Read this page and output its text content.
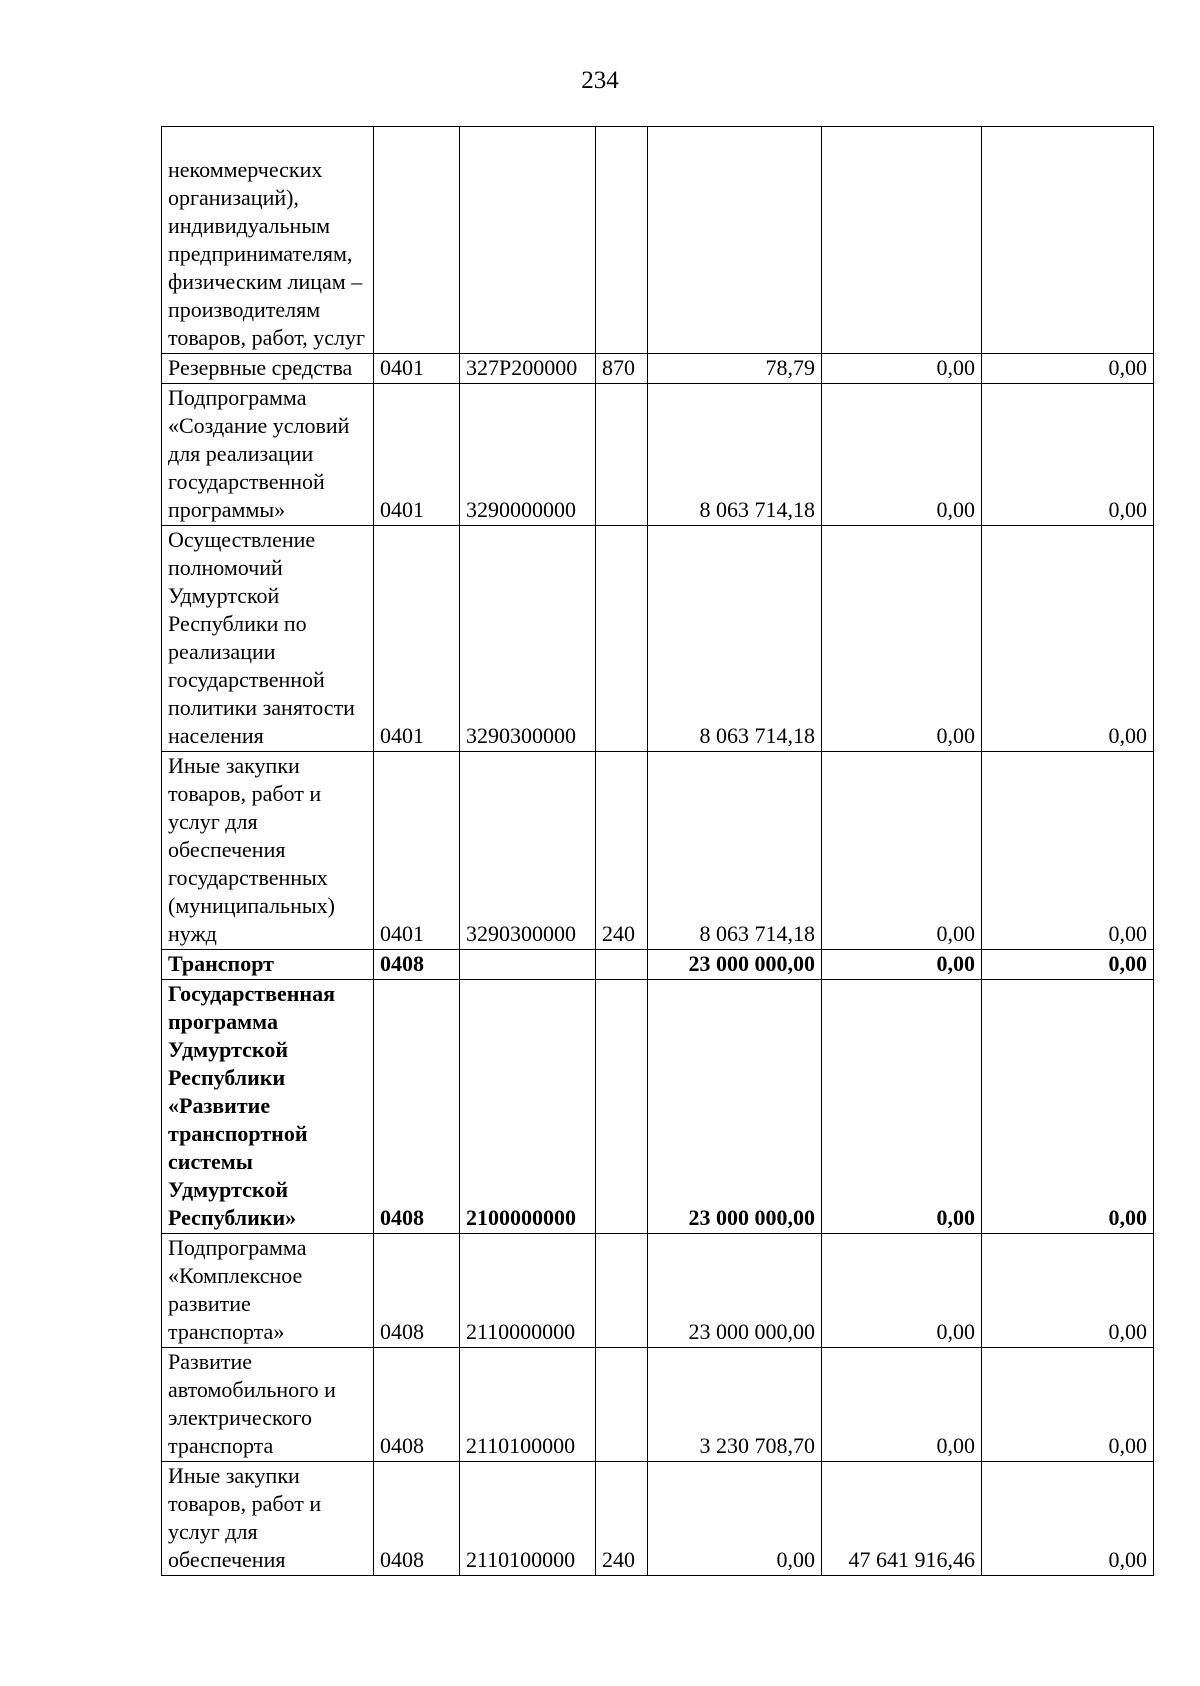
234
некоммерческих организаций), индивидуальным предпринимателям, физическим лицам – производителям товаров, работ, услуг						
Резервные средства	0401	327P200000	870	78,79	0,00	0,00
Подпрограмма «Создание условий для реализации государственной программы»	0401	3290000000		8 063 714,18	0,00	0,00
Осуществление полномочий Удмуртской Республики по реализации государственной политики занятости населения	0401	3290300000		8 063 714,18	0,00	0,00
Иные закупки товаров, работ и услуг для обеспечения государственных (муниципальных) нужд	0401	3290300000	240	8 063 714,18	0,00	0,00
Транспорт	0408			23 000 000,00	0,00	0,00
Государственная программа Удмуртской Республики «Развитие транспортной системы Удмуртской Республики»	0408	2100000000		23 000 000,00	0,00	0,00
Подпрограмма «Комплексное развитие транспорта»	0408	2110000000		23 000 000,00	0,00	0,00
Развитие автомобильного и электрического транспорта	0408	2110100000		3 230 708,70	0,00	0,00
Иные закупки товаров, работ и услуг для обеспечения	0408	2110100000	240	0,00	47 641 916,46	0,00
